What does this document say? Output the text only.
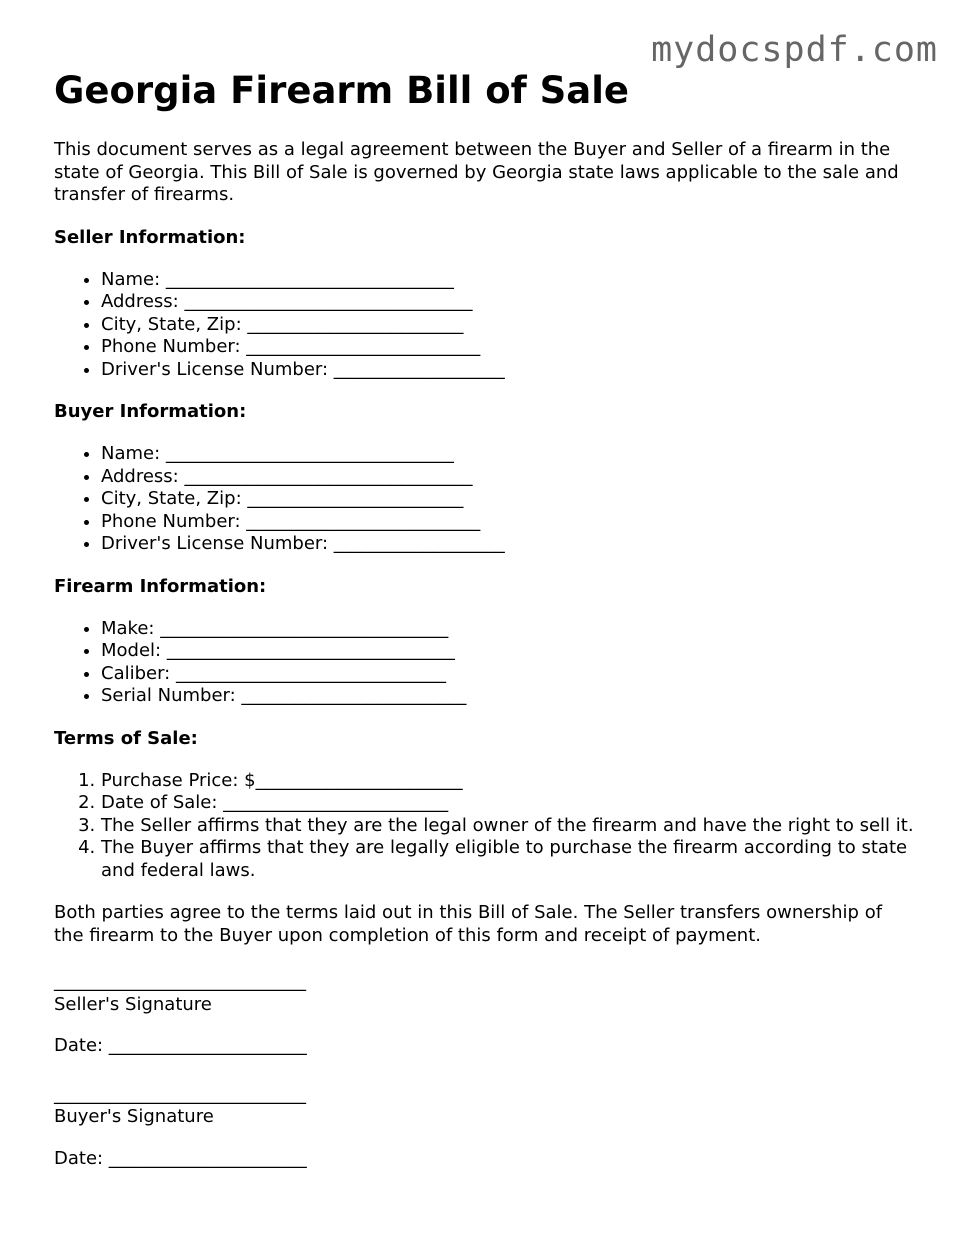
mydocspdf.com
Georgia Firearm Bill of Sale

This document serves as a legal agreement between the Buyer and Seller of a firearm in the state of Georgia. This Bill of Sale is governed by Georgia state laws applicable to the sale and transfer of firearms.

Seller Information:
• Name: ________________________________
• Address: ________________________________
• City, State, Zip: ________________________
• Phone Number: __________________________
• Driver's License Number: ___________________
Buyer Information:
• Name: ________________________________
• Address: ________________________________
• City, State, Zip: ________________________
• Phone Number: __________________________
• Driver's License Number: ___________________
Firearm Information:
• Make: ________________________________
• Model: ________________________________
• Caliber: ______________________________
• Serial Number: _________________________
Terms of Sale:
1. Purchase Price: $_______________________
2. Date of Sale: _________________________
3. The Seller affirms that they are the legal owner of the firearm and have the right to sell it.
4. The Buyer affirms that they are legally eligible to purchase the firearm according to state and federal laws.

Both parties agree to the terms laid out in this Bill of Sale. The Seller transfers ownership of the firearm to the Buyer upon completion of this form and receipt of payment.

____________________________
Seller's Signature
Date: ______________________
____________________________
Buyer's Signature
Date: ______________________
